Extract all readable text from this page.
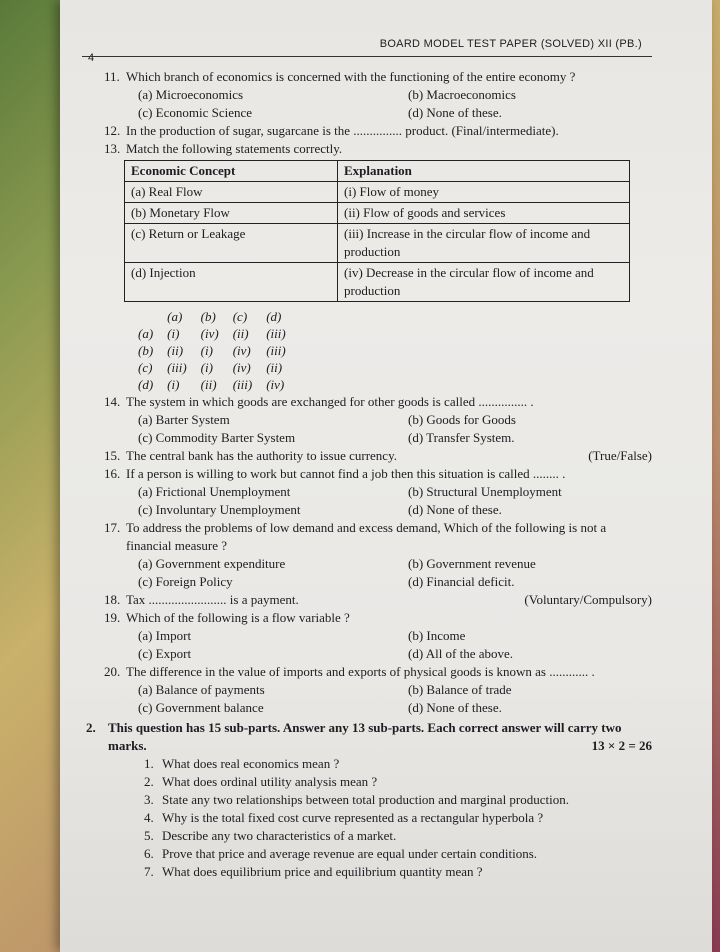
4
BOARD MODEL TEST PAPER (SOLVED) XII (PB.)
11. Which branch of economics is concerned with the functioning of the entire economy ?
(a) Microeconomics	(b) Macroeconomics
(c) Economic Science	(d) None of these.
12. In the production of sugar, sugarcane is the ............... product. (Final/intermediate).
13. Match the following statements correctly.
Economic Concept	Explanation
(a) Real Flow	(i) Flow of money
(b) Monetary Flow	(ii) Flow of goods and services
(c) Return or Leakage	(iii) Increase in the circular flow of income and production
(d) Injection	(iv) Decrease in the circular flow of income and production
	(a)	(b)	(c)	(d)
(a)	(i)	(iv)	(ii)	(iii)
(b)	(ii)	(i)	(iv)	(iii)
(c)	(iii)	(i)	(iv)	(ii)
(d)	(i)	(ii)	(iii)	(iv)
14. The system in which goods are exchanged for other goods is called ............... .
(a) Barter System	(b) Goods for Goods
(c) Commodity Barter System	(d) Transfer System.
15. The central bank has the authority to issue currency.	(True/False)
16. If a person is willing to work but cannot find a job then this situation is called ........ .
(a) Frictional Unemployment	(b) Structural Unemployment
(c) Involuntary Unemployment	(d) None of these.
17. To address the problems of low demand and excess demand, Which of the following is not a financial measure ?
(a) Government expenditure	(b) Government revenue
(c) Foreign Policy	(d) Financial deficit.
18. Tax ........................ is a payment.	(Voluntary/Compulsory)
19. Which of the following is a flow variable ?
(a) Import	(b) Income
(c) Export	(d) All of the above.
20. The difference in the value of imports and exports of physical goods is known as ............ .
(a) Balance of payments	(b) Balance of trade
(c) Government balance	(d) None of these.
2. This question has 15 sub-parts. Answer any 13 sub-parts. Each correct answer will carry two marks.	13 × 2 = 26
1. What does real economics mean ?
2. What does ordinal utility analysis mean ?
3. State any two relationships between total production and marginal production.
4. Why is the total fixed cost curve represented as a rectangular hyperbola ?
5. Describe any two characteristics of a market.
6. Prove that price and average revenue are equal under certain conditions.
7. What does equilibrium price and equilibrium quantity mean ?
